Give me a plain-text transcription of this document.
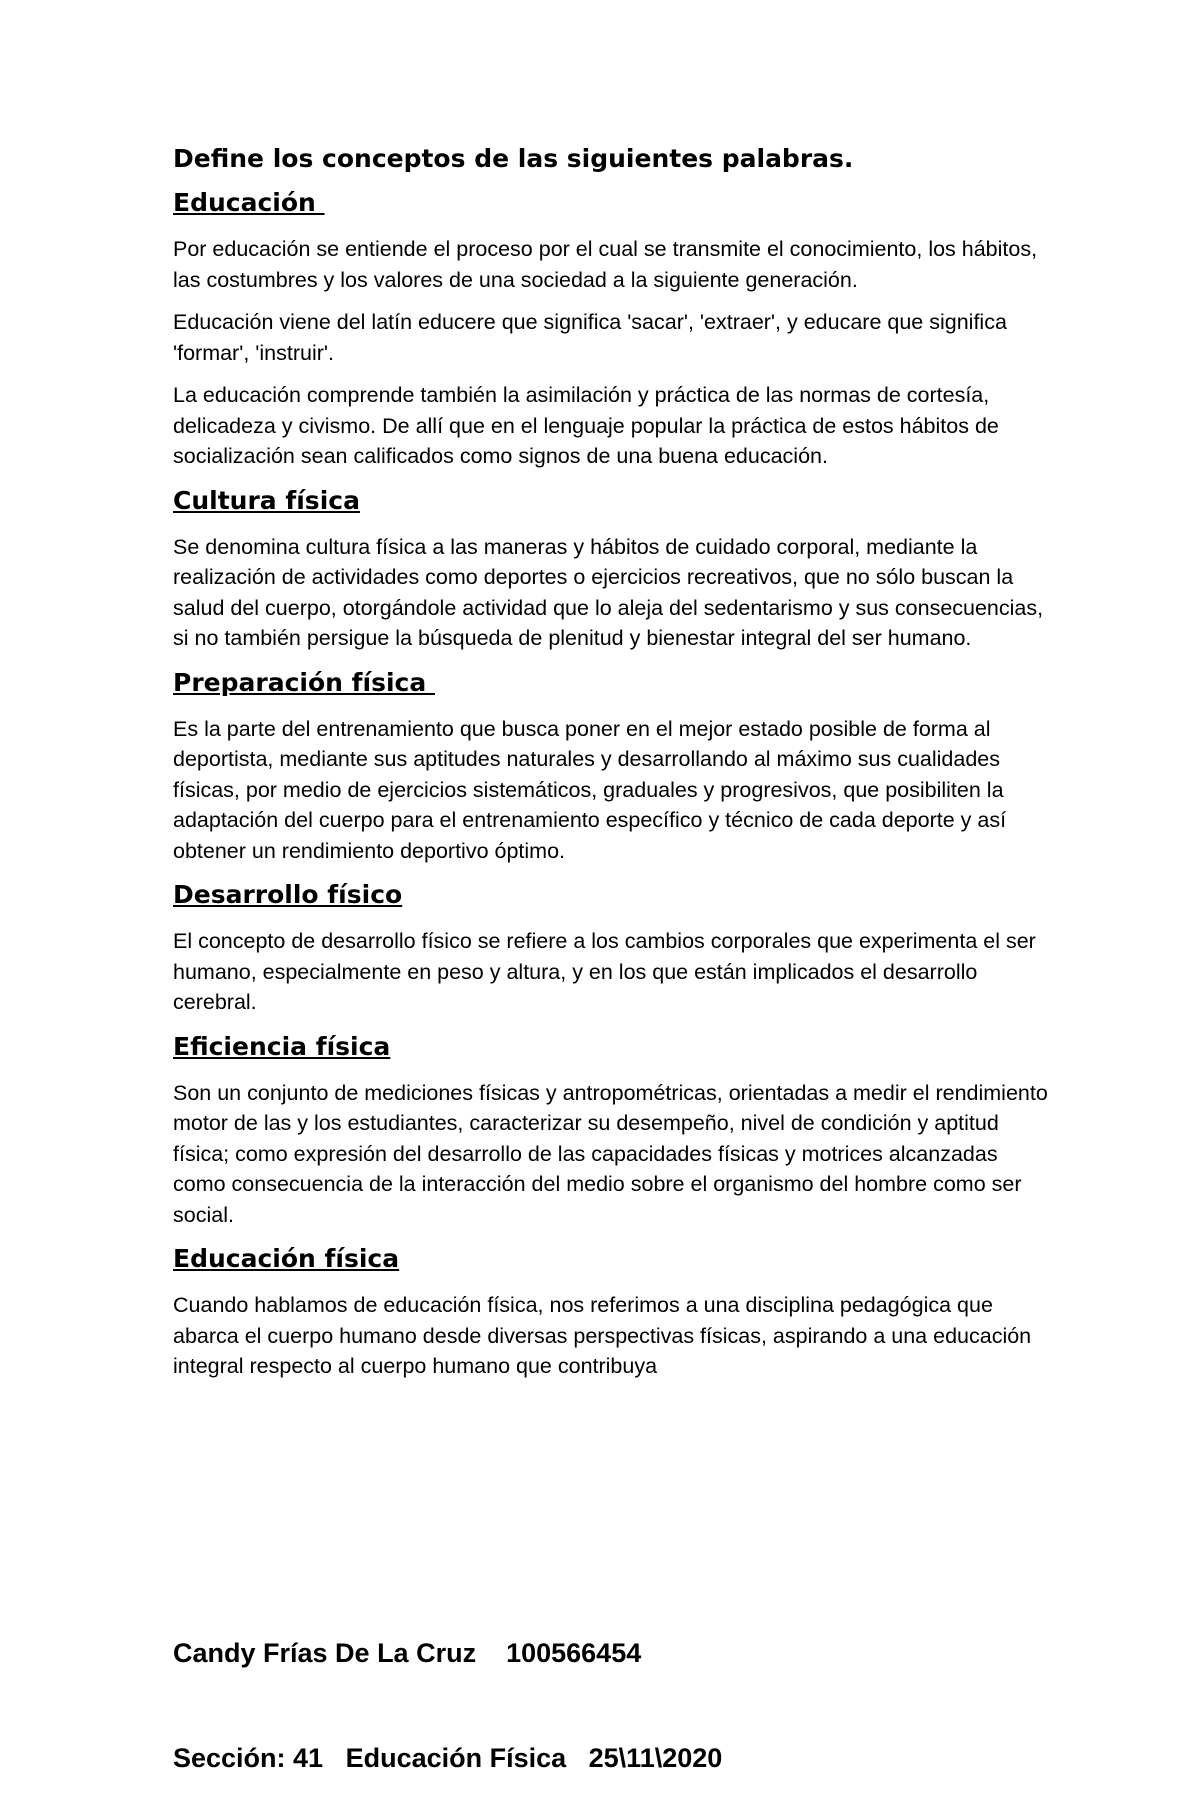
Define los conceptos de las siguientes palabras.
Educación

Por educación se entiende el proceso por el cual se transmite el conocimiento, los hábitos, las costumbres y los valores de una sociedad a la siguiente generación.

Educación viene del latín educere que significa 'sacar', 'extraer', y educare que significa 'formar', 'instruir'.

La educación comprende también la asimilación y práctica de las normas de cortesía, delicadeza y civismo. De allí que en el lenguaje popular la práctica de estos hábitos de socialización sean calificados como signos de una buena educación.

Cultura física

Se denomina cultura física a las maneras y hábitos de cuidado corporal, mediante la realización de actividades como deportes o ejercicios recreativos, que no sólo buscan la salud del cuerpo, otorgándole actividad que lo aleja del sedentarismo y sus consecuencias, si no también persigue la búsqueda de plenitud y bienestar integral del ser humano.

Preparación física

Es la parte del entrenamiento que busca poner en el mejor estado posible de forma al deportista, mediante sus aptitudes naturales y desarrollando al máximo sus cualidades físicas, por medio de ejercicios sistemáticos, graduales y progresivos, que posibiliten la adaptación del cuerpo para el entrenamiento específico y técnico de cada deporte y así obtener un rendimiento deportivo óptimo.

Desarrollo físico

El concepto de desarrollo físico se refiere a los cambios corporales que experimenta el ser humano, especialmente en peso y altura, y en los que están implicados el desarrollo cerebral.

Eficiencia física

Son un conjunto de mediciones físicas y antropométricas, orientadas a medir el rendimiento motor de las y los estudiantes, caracterizar su desempeño, nivel de condición y aptitud física; como expresión del desarrollo de las capacidades físicas y motrices alcanzadas como consecuencia de la interacción del medio sobre el organismo del hombre como ser social.

Educación física

Cuando hablamos de educación física, nos referimos a una disciplina pedagógica que abarca el cuerpo humano desde diversas perspectivas físicas, aspirando a una educación integral respecto al cuerpo humano que contribuya

Candy Frías De La Cruz    100566454

Sección: 41   Educación Física   25\11\2020
